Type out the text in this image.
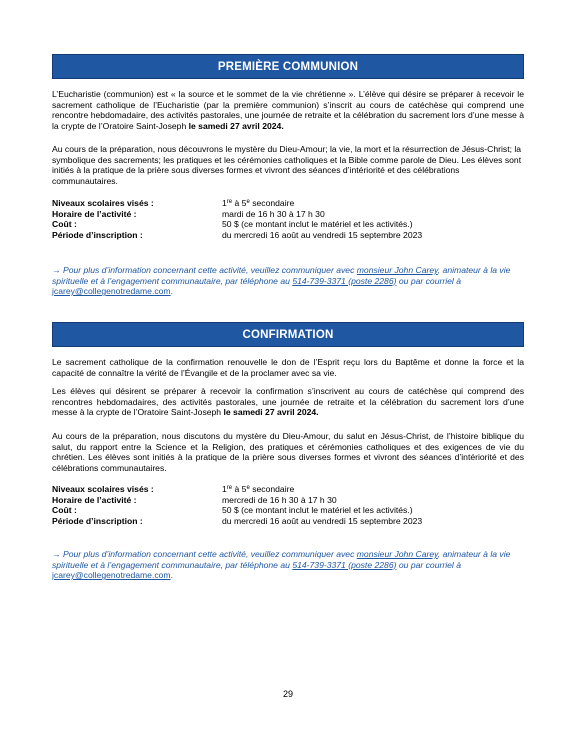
PREMIÈRE COMMUNION

L’Eucharistie (communion) est « la source et le sommet de la vie chrétienne ». L’élève qui désire se préparer à recevoir le sacrement catholique de l’Eucharistie (par la première communion) s’inscrit au cours de catéchèse qui comprend une rencontre hebdomadaire, des activités pastorales, une journée de retraite et la célébration du sacrement lors d’une messe à la crypte de l’Oratoire Saint-Joseph le samedi 27 avril 2024.

Au cours de la préparation, nous découvrons le mystère du Dieu-Amour; la vie, la mort et la résurrection de Jésus-Christ; la symbolique des sacrements; les pratiques et les cérémonies catholiques et la Bible comme parole de Dieu. Les élèves sont initiés à la pratique de la prière sous diverses formes et vivront des séances d’intériorité et des célébrations communautaires.

Niveaux scolaires visés :	1re à 5e secondaire
Horaire de l’activité :	mardi de 16 h 30 à 17 h 30
Coût :	50 $ (ce montant inclut le matériel et les activités.)
Période d’inscription :	du mercredi 16 août au vendredi 15 septembre 2023
→ Pour plus d’information concernant cette activité, veuillez communiquer avec monsieur John Carey, animateur à la vie spirituelle et à l’engagement communautaire, par téléphone au 514-739-3371 (poste 2286) ou par courriel à jcarey@collegenotredame.com.
CONFIRMATION

Le sacrement catholique de la confirmation renouvelle le don de l’Esprit reçu lors du Baptême et donne la force et la capacité de connaître la vérité de l’Évangile et de la proclamer avec sa vie.

Les élèves qui désirent se préparer à recevoir la confirmation s’inscrivent au cours de catéchèse qui comprend des rencontres hebdomadaires, des activités pastorales, une journée de retraite et la célébration du sacrement lors d’une messe à la crypte de l’Oratoire Saint-Joseph le samedi 27 avril 2024.

Au cours de la préparation, nous discutons du mystère du Dieu-Amour, du salut en Jésus-Christ, de l’histoire biblique du salut, du rapport entre la Science et la Religion, des pratiques et cérémonies catholiques et des exigences de vie du chrétien. Les élèves sont initiés à la pratique de la prière sous diverses formes et vivront des séances d’intériorité et des célébrations communautaires.

Niveaux scolaires visés :	1re à 5e secondaire
Horaire de l’activité :	mercredi de 16 h 30 à 17 h 30
Coût :	50 $ (ce montant inclut le matériel et les activités.)
Période d’inscription :	du mercredi 16 août au vendredi 15 septembre 2023
→ Pour plus d’information concernant cette activité, veuillez communiquer avec monsieur John Carey, animateur à la vie spirituelle et à l’engagement communautaire, par téléphone au 514-739-3371 (poste 2286) ou par courriel à jcarey@collegenotredame.com.
29
